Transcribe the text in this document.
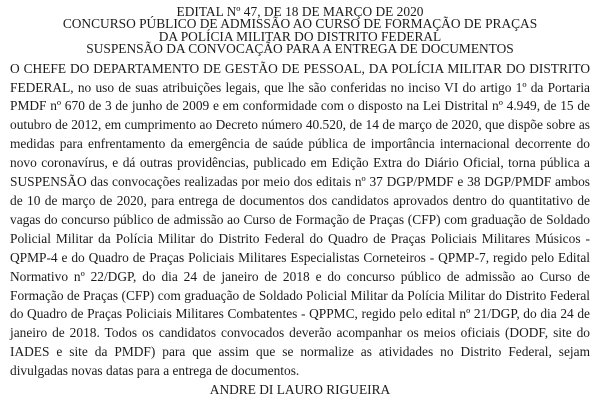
EDITAL Nº 47, DE 18 DE MARÇO DE 2020

CONCURSO PÚBLICO DE ADMISSÃO AO CURSO DE FORMAÇÃO DE PRAÇAS

DA POLÍCIA MILITAR DO DISTRITO FEDERAL

SUSPENSÃO DA CONVOCAÇÃO PARA A ENTREGA DE DOCUMENTOS

O CHEFE DO DEPARTAMENTO DE GESTÃO DE PESSOAL, DA POLÍCIA MILITAR DO DISTRITO FEDERAL, no uso de suas atribuições legais, que lhe são conferidas no inciso VI do artigo 1º da Portaria PMDF nº 670 de 3 de junho de 2009 e em conformidade com o disposto na Lei Distrital nº 4.949, de 15 de outubro de 2012, em cumprimento ao Decreto número 40.520, de 14 de março de 2020, que dispõe sobre as medidas para enfrentamento da emergência de saúde pública de importância internacional decorrente do novo coronavírus, e dá outras providências, publicado em Edição Extra do Diário Oficial, torna pública a SUSPENSÃO das convocações realizadas por meio dos editais nº 37 DGP/PMDF e 38 DGP/PMDF ambos de 10 de março de 2020, para entrega de documentos dos candidatos aprovados dentro do quantitativo de vagas do concurso público de admissão ao Curso de Formação de Praças (CFP) com graduação de Soldado Policial Militar da Polícia Militar do Distrito Federal do Quadro de Praças Policiais Militares Músicos - QPMP-4 e do Quadro de Praças Policiais Militares Especialistas Corneteiros - QPMP-7, regido pelo Edital Normativo nº 22/DGP, do dia 24 de janeiro de 2018 e do concurso público de admissão ao Curso de Formação de Praças (CFP) com graduação de Soldado Policial Militar da Polícia Militar do Distrito Federal do Quadro de Praças Policiais Militares Combatentes - QPPMC, regido pelo edital nº 21/DGP, do dia 24 de janeiro de 2018. Todos os candidatos convocados deverão acompanhar os meios oficiais (DODF, site do IADES e site da PMDF) para que assim que se normalize as atividades no Distrito Federal, sejam divulgadas novas datas para a entrega de documentos.

ANDRE DI LAURO RIGUEIRA
